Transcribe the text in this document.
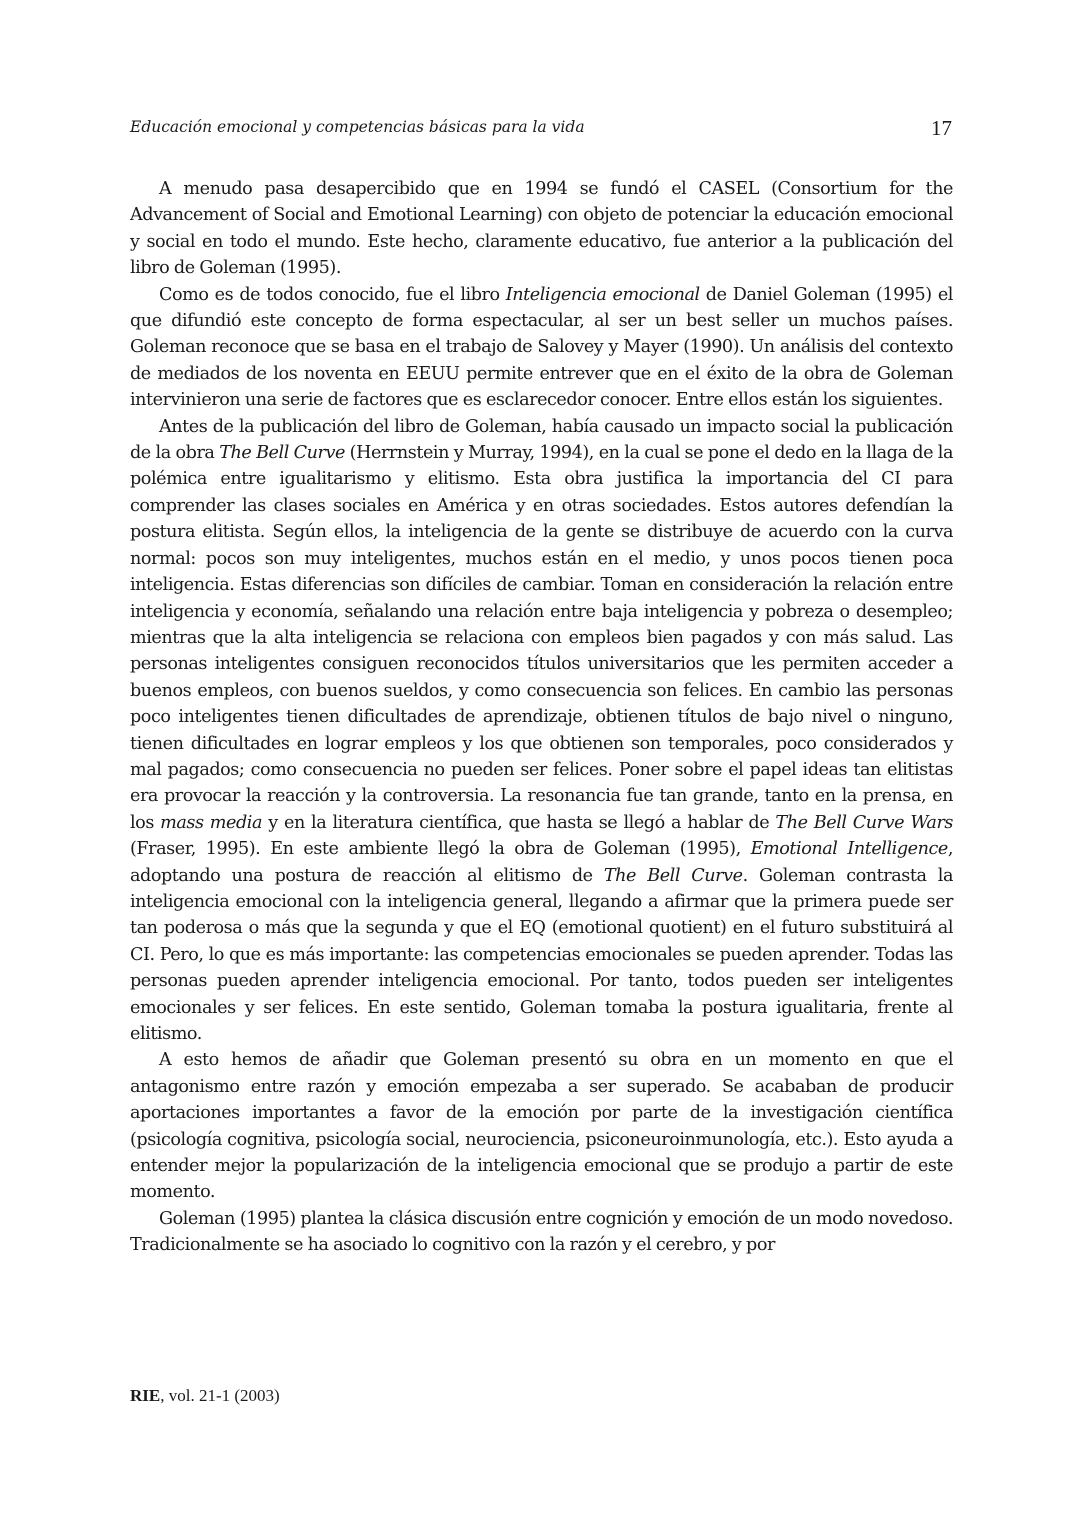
Educación emocional y competencias básicas para la vida	17

A menudo pasa desapercibido que en 1994 se fundó el CASEL (Consortium for the Advancement of Social and Emotional Learning) con objeto de potenciar la educación emocional y social en todo el mundo. Este hecho, claramente educativo, fue anterior a la publicación del libro de Goleman (1995).

Como es de todos conocido, fue el libro Inteligencia emocional de Daniel Goleman (1995) el que difundió este concepto de forma espectacular, al ser un best seller un muchos países. Goleman reconoce que se basa en el trabajo de Salovey y Mayer (1990). Un análisis del contexto de mediados de los noventa en EEUU permite entrever que en el éxito de la obra de Goleman intervinieron una serie de factores que es esclarecedor conocer. Entre ellos están los siguientes.

Antes de la publicación del libro de Goleman, había causado un impacto social la publicación de la obra The Bell Curve (Herrnstein y Murray, 1994), en la cual se pone el dedo en la llaga de la polémica entre igualitarismo y elitismo. Esta obra justifica la importancia del CI para comprender las clases sociales en América y en otras sociedades. Estos autores defendían la postura elitista. Según ellos, la inteligencia de la gente se distribuye de acuerdo con la curva normal: pocos son muy inteligentes, muchos están en el medio, y unos pocos tienen poca inteligencia. Estas diferencias son difíciles de cambiar. Toman en consideración la relación entre inteligencia y economía, señalando una relación entre baja inteligencia y pobreza o desempleo; mientras que la alta inteligencia se relaciona con empleos bien pagados y con más salud. Las personas inteligentes consiguen reconocidos títulos universitarios que les permiten acceder a buenos empleos, con buenos sueldos, y como consecuencia son felices. En cambio las personas poco inteligentes tienen dificultades de aprendizaje, obtienen títulos de bajo nivel o ninguno, tienen dificultades en lograr empleos y los que obtienen son temporales, poco considerados y mal pagados; como consecuencia no pueden ser felices. Poner sobre el papel ideas tan elitistas era provocar la reacción y la controversia. La resonancia fue tan grande, tanto en la prensa, en los mass media y en la literatura científica, que hasta se llegó a hablar de The Bell Curve Wars (Fraser, 1995). En este ambiente llegó la obra de Goleman (1995), Emotional Intelligence, adoptando una postura de reacción al elitismo de The Bell Curve. Goleman contrasta la inteligencia emocional con la inteligencia general, llegando a afirmar que la primera puede ser tan poderosa o más que la segunda y que el EQ (emotional quotient) en el futuro substituirá al CI. Pero, lo que es más importante: las competencias emocionales se pueden aprender. Todas las personas pueden aprender inteligencia emocional. Por tanto, todos pueden ser inteligentes emocionales y ser felices. En este sentido, Goleman tomaba la postura igualitaria, frente al elitismo.

A esto hemos de añadir que Goleman presentó su obra en un momento en que el antagonismo entre razón y emoción empezaba a ser superado. Se acababan de producir aportaciones importantes a favor de la emoción por parte de la investigación científica (psicología cognitiva, psicología social, neurociencia, psiconeuroinmunología, etc.). Esto ayuda a entender mejor la popularización de la inteligencia emocional que se produjo a partir de este momento.

Goleman (1995) plantea la clásica discusión entre cognición y emoción de un modo novedoso. Tradicionalmente se ha asociado lo cognitivo con la razón y el cerebro, y por

RIE, vol. 21-1 (2003)
